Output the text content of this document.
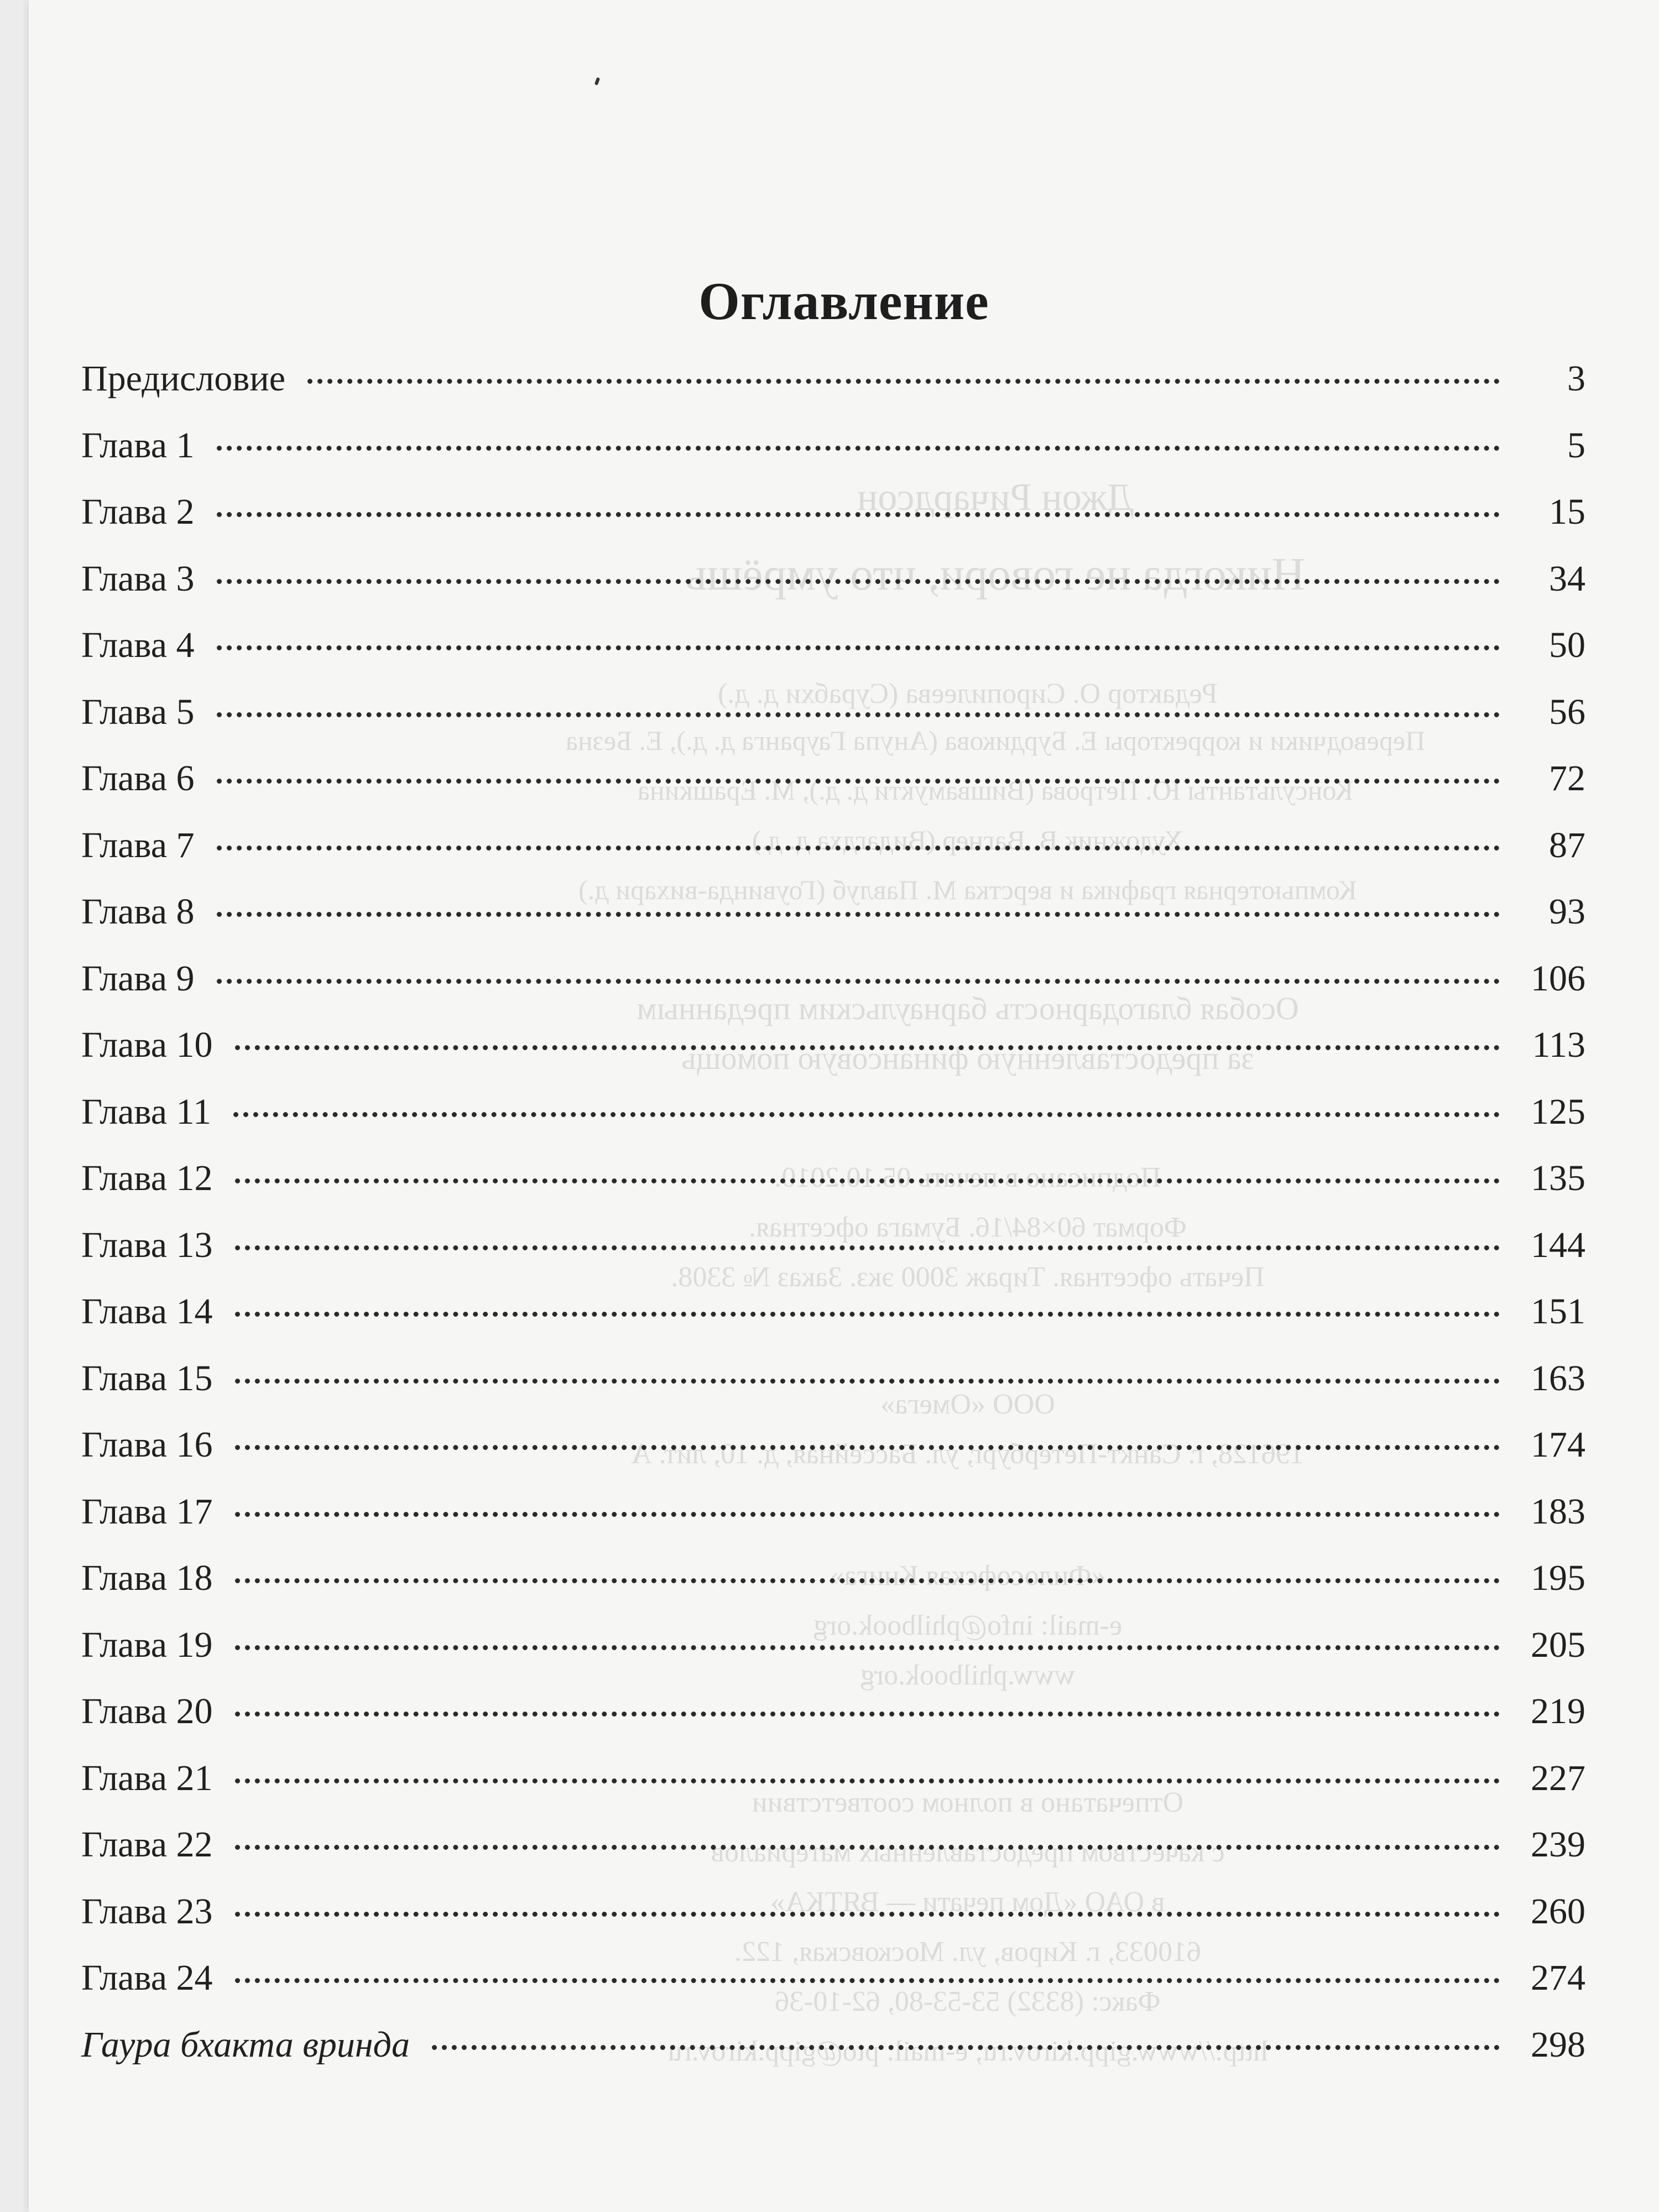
Джон Ричардсон
Никогда не говори, что умрёшь
Редактор О. Сиропилеева (Сурабхи д. д.)
Переводчики и корректоры Е. Бурдикова (Анупа Гауранга д. д.), Е. Безна
Консультанты Ю. Петрова (Вишвамукти д. д.), М. Ерашкина
Художник В. Вагнер (Видагдха д. д.)
Компьютерная графика и верстка М. Павлуб (Гоувинда-вихари д.)
Особая благодарность барнаульским преданным
за предоставленную финансовую помощь
Подписано в печать 05.10.2010.
Формат 60×84/16. Бумага офсетная.
Печать офсетная. Тираж 3000 экз. Заказ № 3308.
ООО «Омега»
196128, г. Санкт-Петербург, ул. Бассейная, д. 10, лит. А
«Философская Книга»
e-mail: info@philbook.org
www.philbook.org
Отпечатано в полном соответствии
с качеством предоставленных материалов
в ОАО «Дом печати — ВЯТКА»
610033, г. Киров, ул. Московская, 122.
Факс: (8332) 53-53-80, 62-10-36
http://www.gipp.kirov.ru; e-mail: pto@gipp.kirov.ru
Оглавление
Предисловие	3
Глава 1	5
Глава 2	15
Глава 3	34
Глава 4	50
Глава 5	56
Глава 6	72
Глава 7	87
Глава 8	93
Глава 9	106
Глава 10	113
Глава 11	125
Глава 12	135
Глава 13	144
Глава 14	151
Глава 15	163
Глава 16	174
Глава 17	183
Глава 18	195
Глава 19	205
Глава 20	219
Глава 21	227
Глава 22	239
Глава 23	260
Глава 24	274
Гаура бхакта вринда	298
